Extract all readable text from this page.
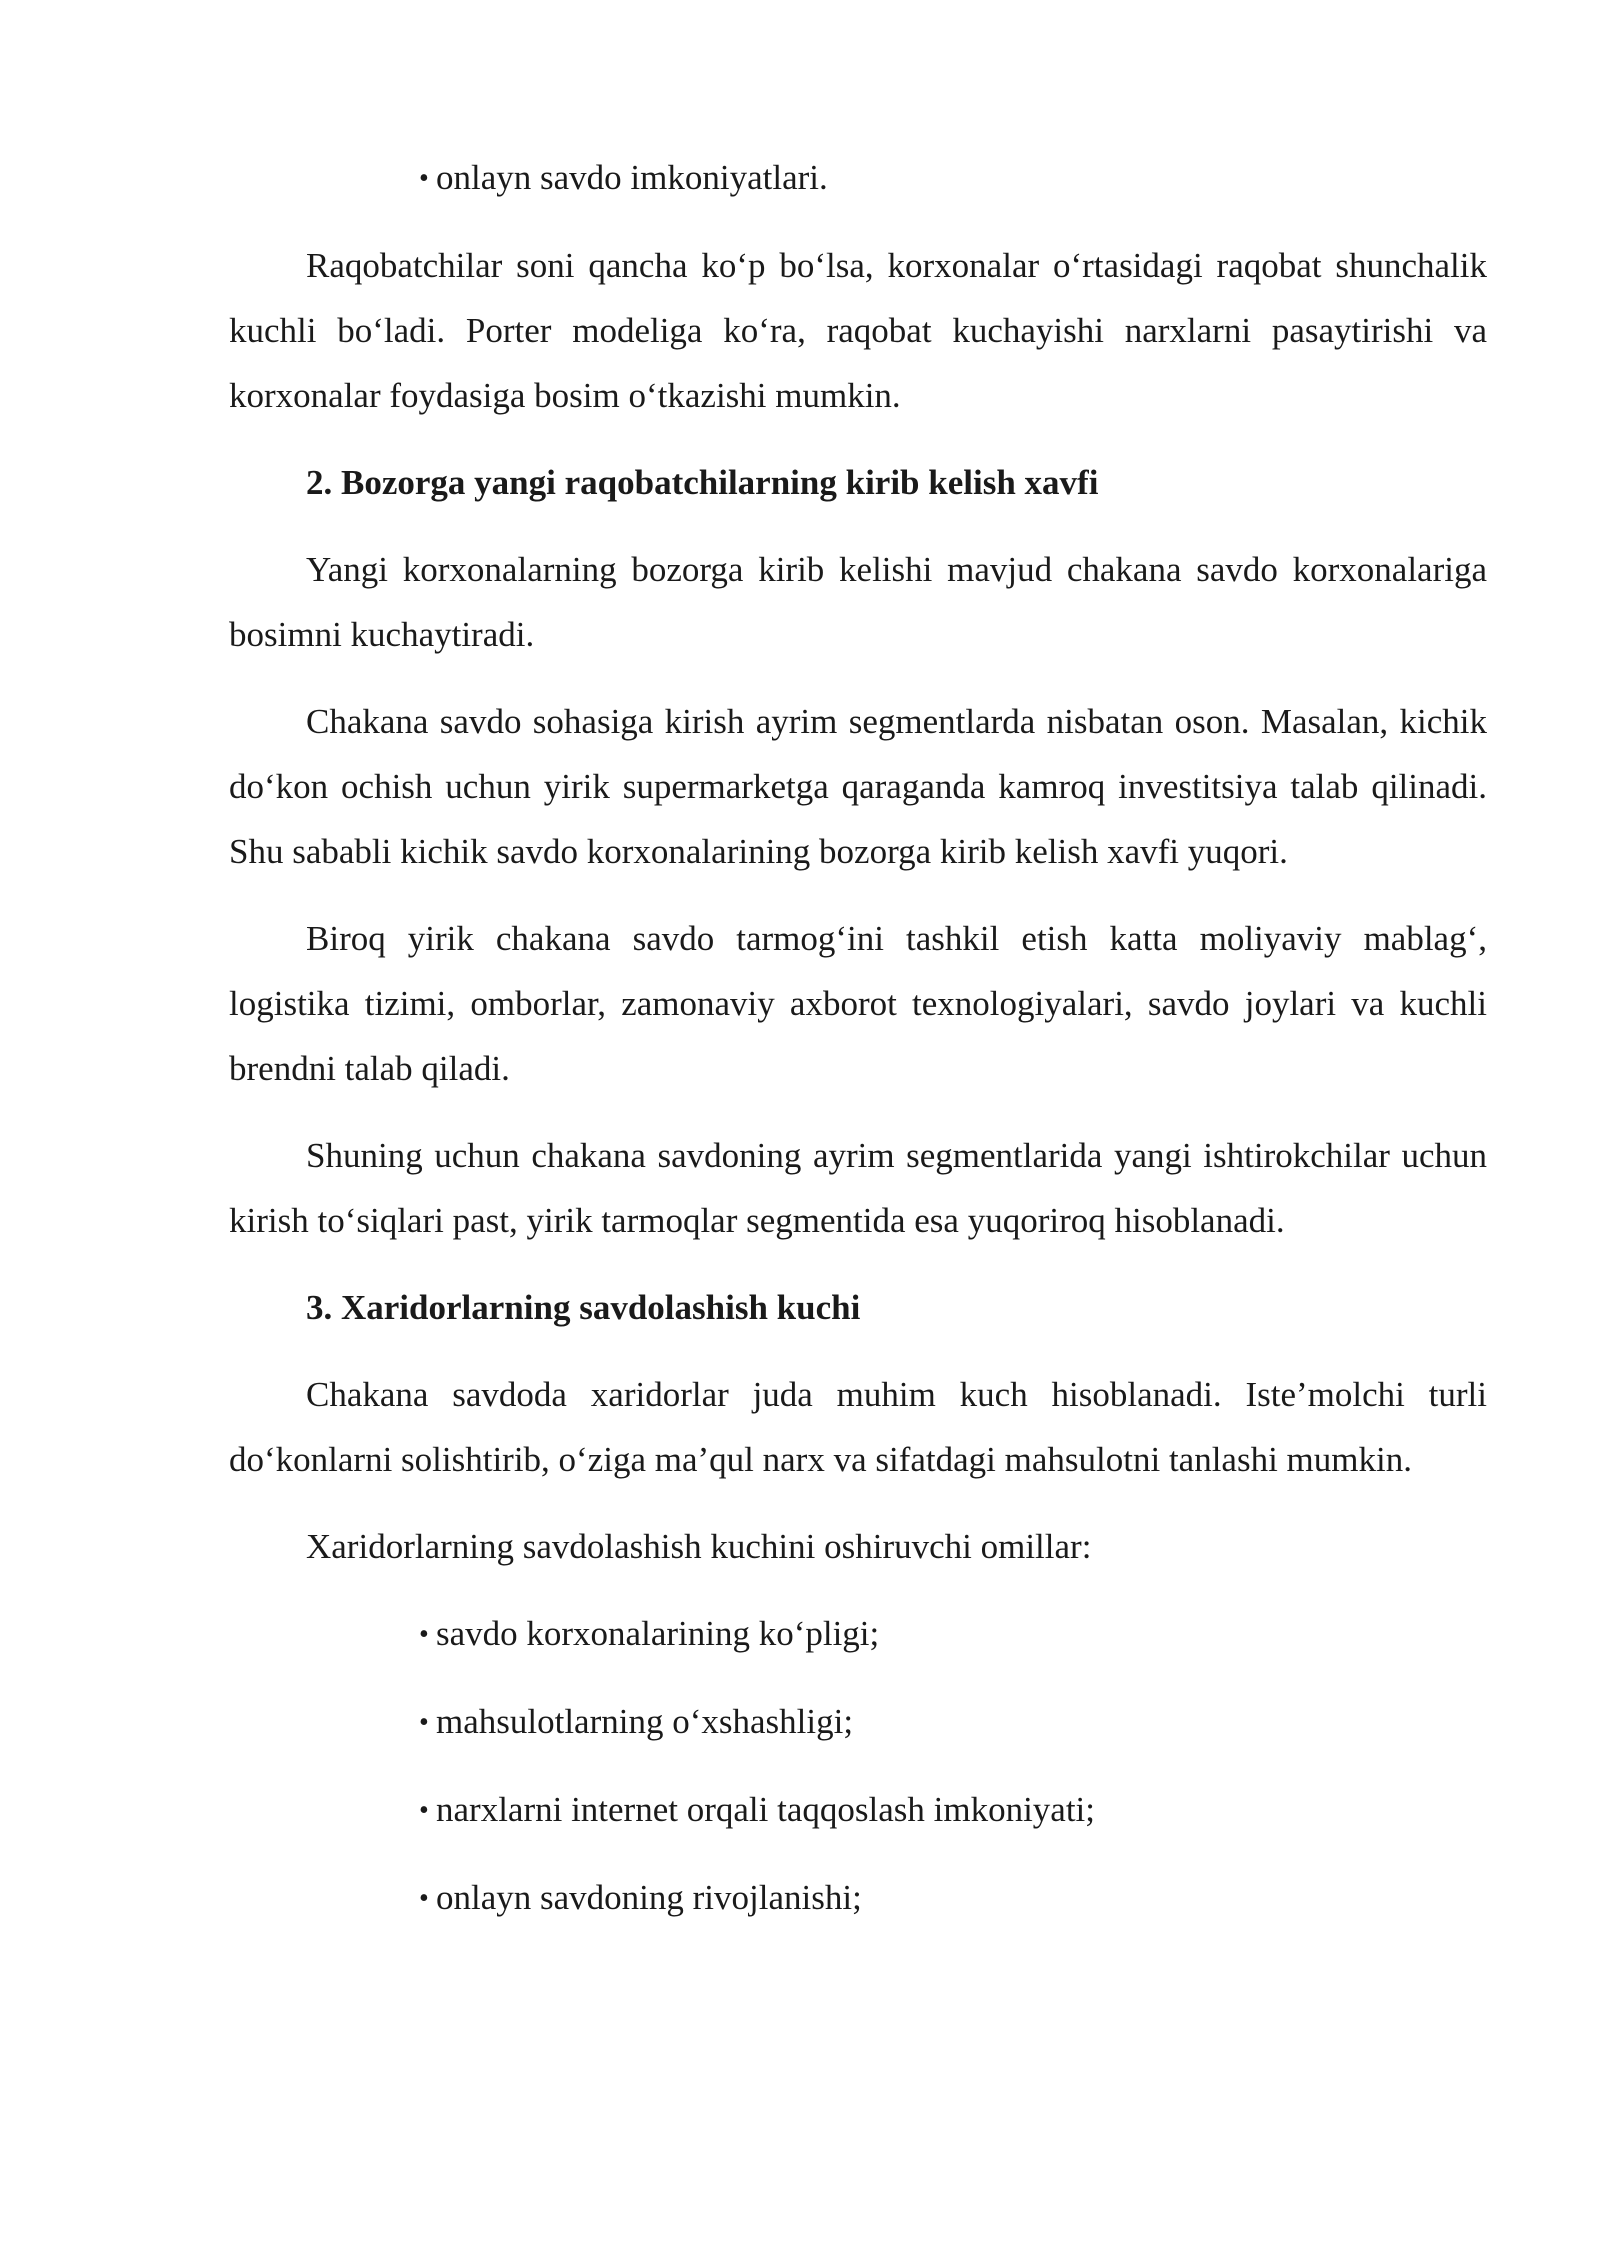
• onlayn savdo imkoniyatlari.

Raqobatchilar soni qancha ko‘p bo‘lsa, korxonalar o‘rtasidagi raqobat shunchalik kuchli bo‘ladi. Porter modeliga ko‘ra, raqobat kuchayishi narxlarni pasaytirishi va korxonalar foydasiga bosim o‘tkazishi mumkin.

2. Bozorga yangi raqobatchilarning kirib kelish xavfi

Yangi korxonalarning bozorga kirib kelishi mavjud chakana savdo korxonalariga bosimni kuchaytiradi.

Chakana savdo sohasiga kirish ayrim segmentlarda nisbatan oson. Masalan, kichik do‘kon ochish uchun yirik supermarketga qaraganda kamroq investitsiya talab qilinadi. Shu sababli kichik savdo korxonalarining bozorga kirib kelish xavfi yuqori.

Biroq yirik chakana savdo tarmog‘ini tashkil etish katta moliyaviy mablag‘, logistika tizimi, omborlar, zamonaviy axborot texnologiyalari, savdo joylari va kuchli brendni talab qiladi.

Shuning uchun chakana savdoning ayrim segmentlarida yangi ishtirokchilar uchun kirish to‘siqlari past, yirik tarmoqlar segmentida esa yuqoriroq hisoblanadi.

3. Xaridorlarning savdolashish kuchi

Chakana savdoda xaridorlar juda muhim kuch hisoblanadi. Iste’molchi turli do‘konlarni solishtirib, o‘ziga ma’qul narx va sifatdagi mahsulotni tanlashi mumkin.

Xaridorlarning savdolashish kuchini oshiruvchi omillar:

• savdo korxonalarining ko‘pligi;
• mahsulotlarning o‘xshashligi;
• narxlarni internet orqali taqqoslash imkoniyati;
• onlayn savdoning rivojlanishi;
